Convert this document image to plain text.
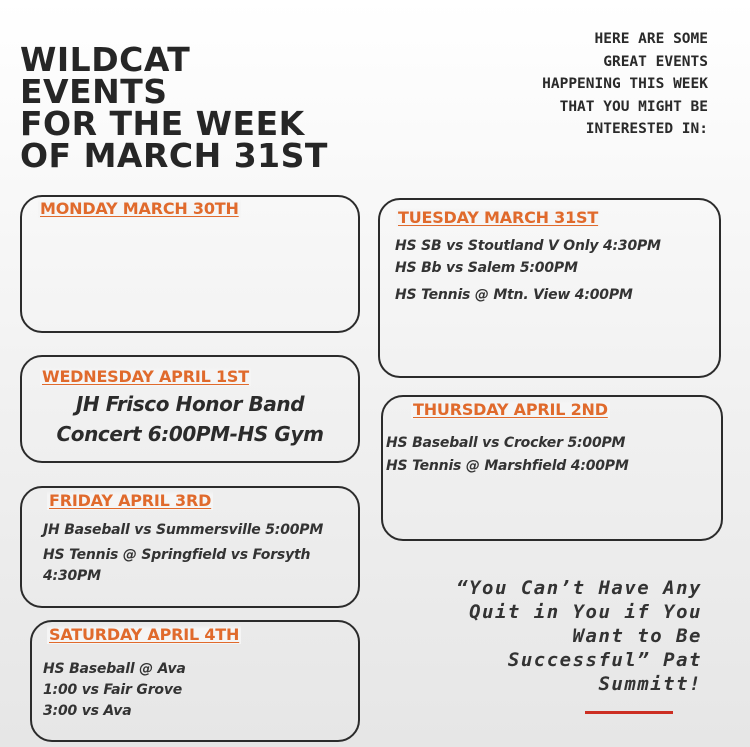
WILDCAT
EVENTS
FOR THE WEEK
OF MARCH 31ST
HERE ARE SOME
GREAT EVENTS
HAPPENING THIS WEEK
THAT YOU MIGHT BE
INTERESTED IN:
MONDAY MARCH 30TH	TUESDAY MARCH 31ST
HS SB vs Stoutland V Only 4:30PM
HS Bb vs Salem 5:00PM
HS Tennis @ Mtn. View 4:00PM
WEDNESDAY APRIL 1ST
JH Frisco Honor Band
Concert 6:00PM-HS Gym
THURSDAY APRIL 2ND
HS Baseball vs Crocker 5:00PM
HS Tennis @ Marshfield 4:00PM
FRIDAY APRIL 3RD
JH Baseball vs Summersville 5:00PM
HS Tennis @ Springfield vs Forsyth
4:30PM
SATURDAY APRIL 4TH
HS Baseball @ Ava
1:00 vs Fair Grove
3:00 vs Ava
“You Can’t Have Any
Quit in You if You
Want to Be
Successful” Pat
Summitt!
